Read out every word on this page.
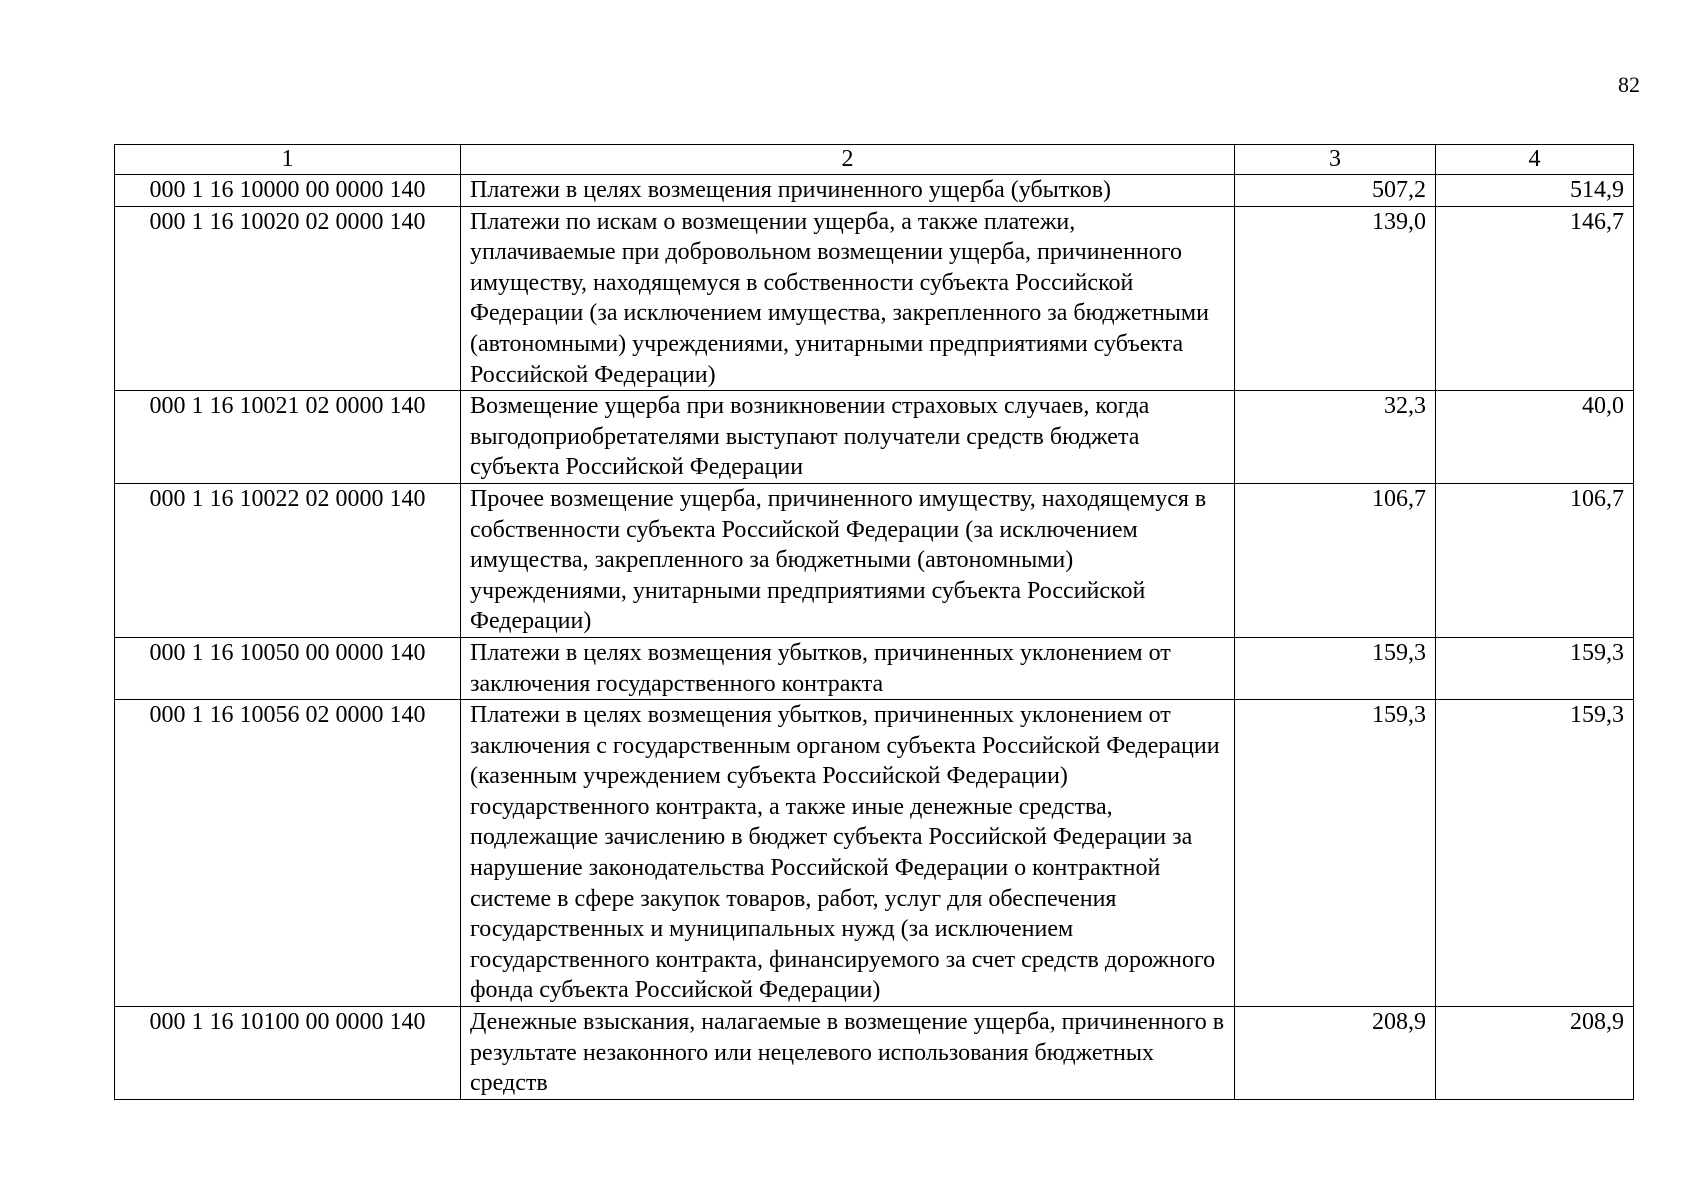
82
1	2	3	4
000 1 16 10000 00 0000 140	Платежи в целях возмещения причиненного ущерба (убытков)	507,2	514,9
000 1 16 10020 02 0000 140	Платежи по искам о возмещении ущерба, а также платежи, уплачиваемые при добровольном возмещении ущерба, причиненного имуществу, находящемуся в собственности субъекта Российской Федерации (за исключением имущества, закрепленного за бюджетными (автономными) учреждениями, унитарными предприятиями субъекта Российской Федерации)	139,0	146,7
000 1 16 10021 02 0000 140	Возмещение ущерба при возникновении страховых случаев, когда выгодоприобретателями выступают получатели средств бюджета субъекта Российской Федерации	32,3	40,0
000 1 16 10022 02 0000 140	Прочее возмещение ущерба, причиненного имуществу, находящемуся в собственности субъекта Российской Федерации (за исключением имущества, закрепленного за бюджетными (автономными) учреждениями, унитарными предприятиями субъекта Российской Федерации)	106,7	106,7
000 1 16 10050 00 0000 140	Платежи в целях возмещения убытков, причиненных уклонением от заключения государственного контракта	159,3	159,3
000 1 16 10056 02 0000 140	Платежи в целях возмещения убытков, причиненных уклонением от заключения с государственным органом субъекта Российской Федерации (казенным учреждением субъекта Российской Федерации) государственного контракта, а также иные денежные средства, подлежащие зачислению в бюджет субъекта Российской Федерации за нарушение законодательства Российской Федерации о контрактной системе в сфере закупок товаров, работ, услуг для обеспечения государственных и муниципальных нужд (за исключением государственного контракта, финансируемого за счет средств дорожного фонда субъекта Российской Федерации)	159,3	159,3
000 1 16 10100 00 0000 140	Денежные взыскания, налагаемые в возмещение ущерба, причиненного в результате незаконного или нецелевого использования бюджетных средств	208,9	208,9
